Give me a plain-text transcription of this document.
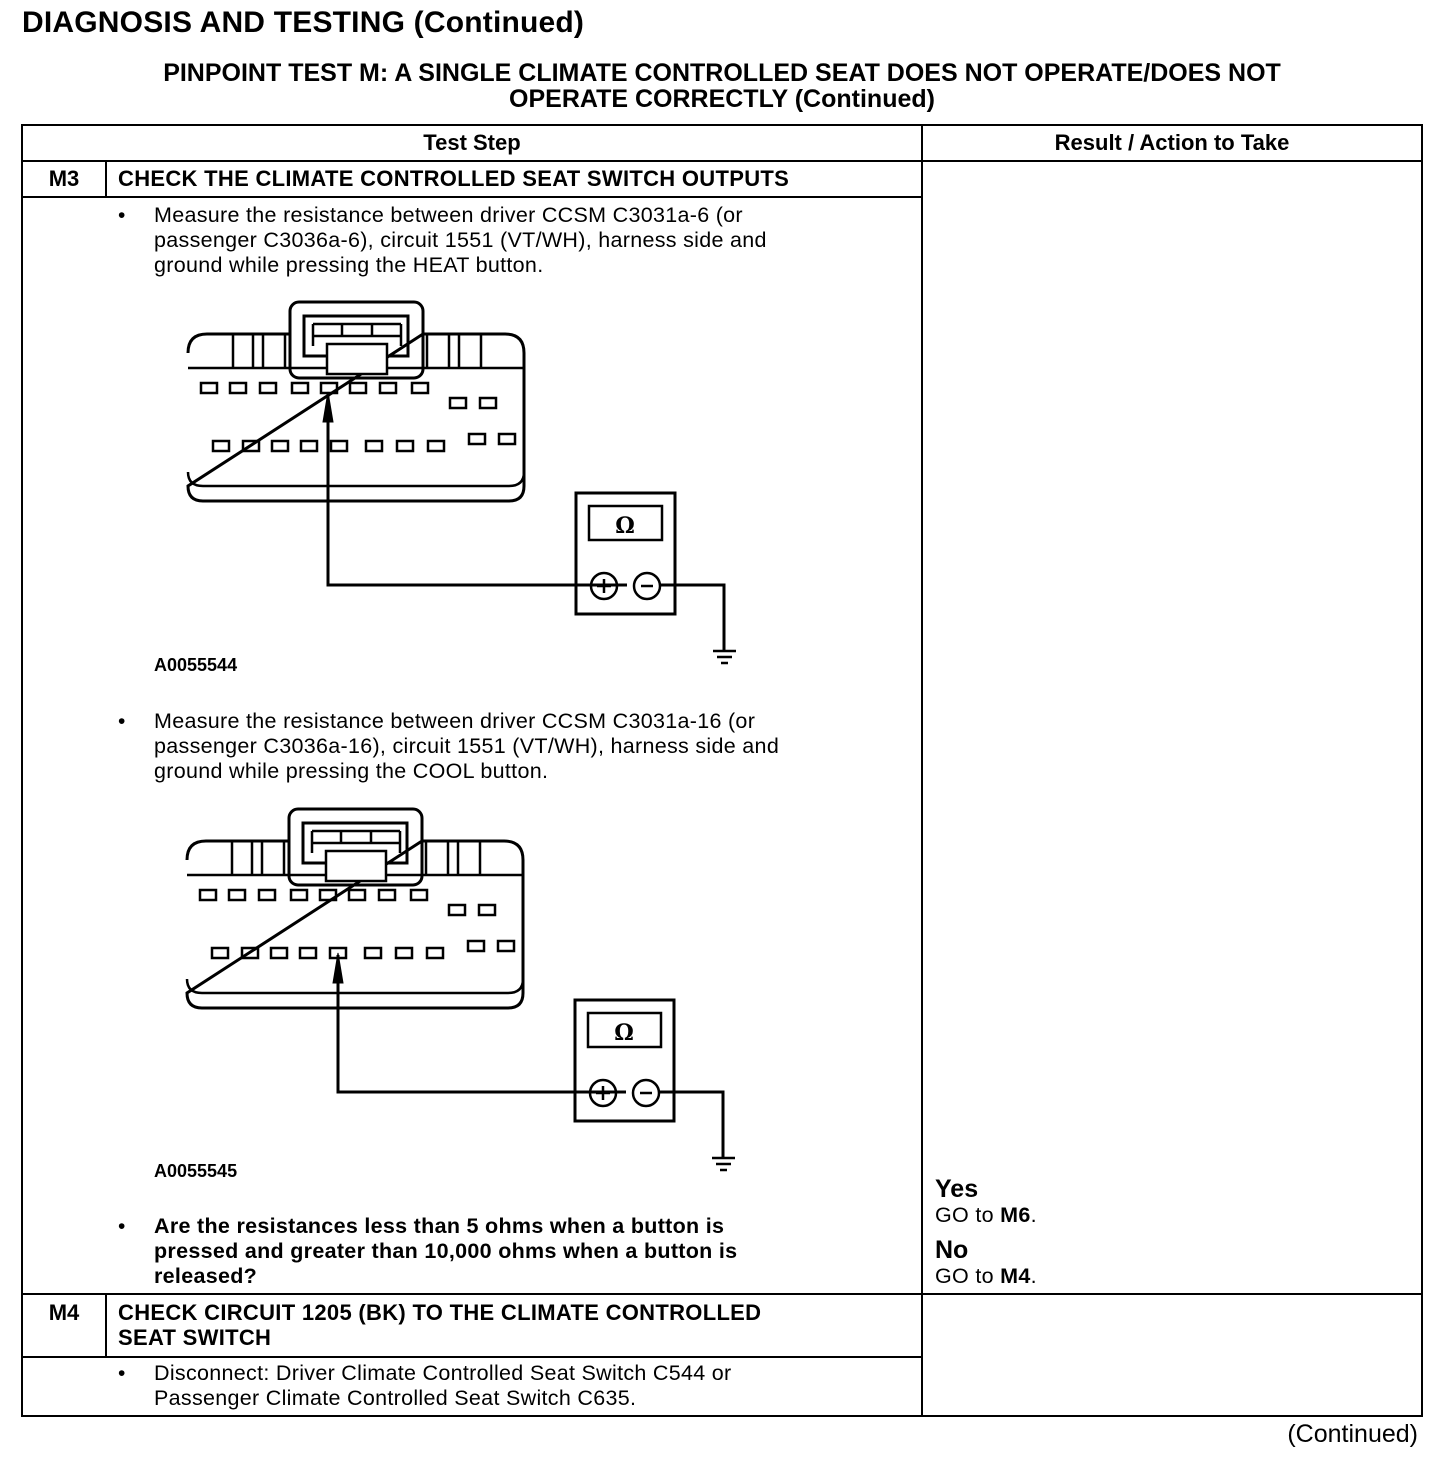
DIAGNOSIS AND TESTING (Continued)
PINPOINT TEST M: A SINGLE CLIMATE CONTROLLED SEAT DOES NOT OPERATE/DOES NOT
OPERATE CORRECTLY (Continued)
Test Step	Result / Action to Take
M3	CHECK THE CLIMATE CONTROLLED SEAT SWITCH OUTPUTS
• Measure the resistance between driver CCSM C3031a-6 (or
passenger C3036a-6), circuit 1551 (VT/WH), harness side and
ground while pressing the HEAT button.
Ω
A0055544
• Measure the resistance between driver CCSM C3031a-16 (or
passenger C3036a-16), circuit 1551 (VT/WH), harness side and
ground while pressing the COOL button.
Ω
A0055545
• Are the resistances less than 5 ohms when a button is
pressed and greater than 10,000 ohms when a button is
released?
Yes
GO to M6.
No
GO to M4.
M4	CHECK CIRCUIT 1205 (BK) TO THE CLIMATE CONTROLLED
SEAT SWITCH
• Disconnect: Driver Climate Controlled Seat Switch C544 or
Passenger Climate Controlled Seat Switch C635.
(Continued)
